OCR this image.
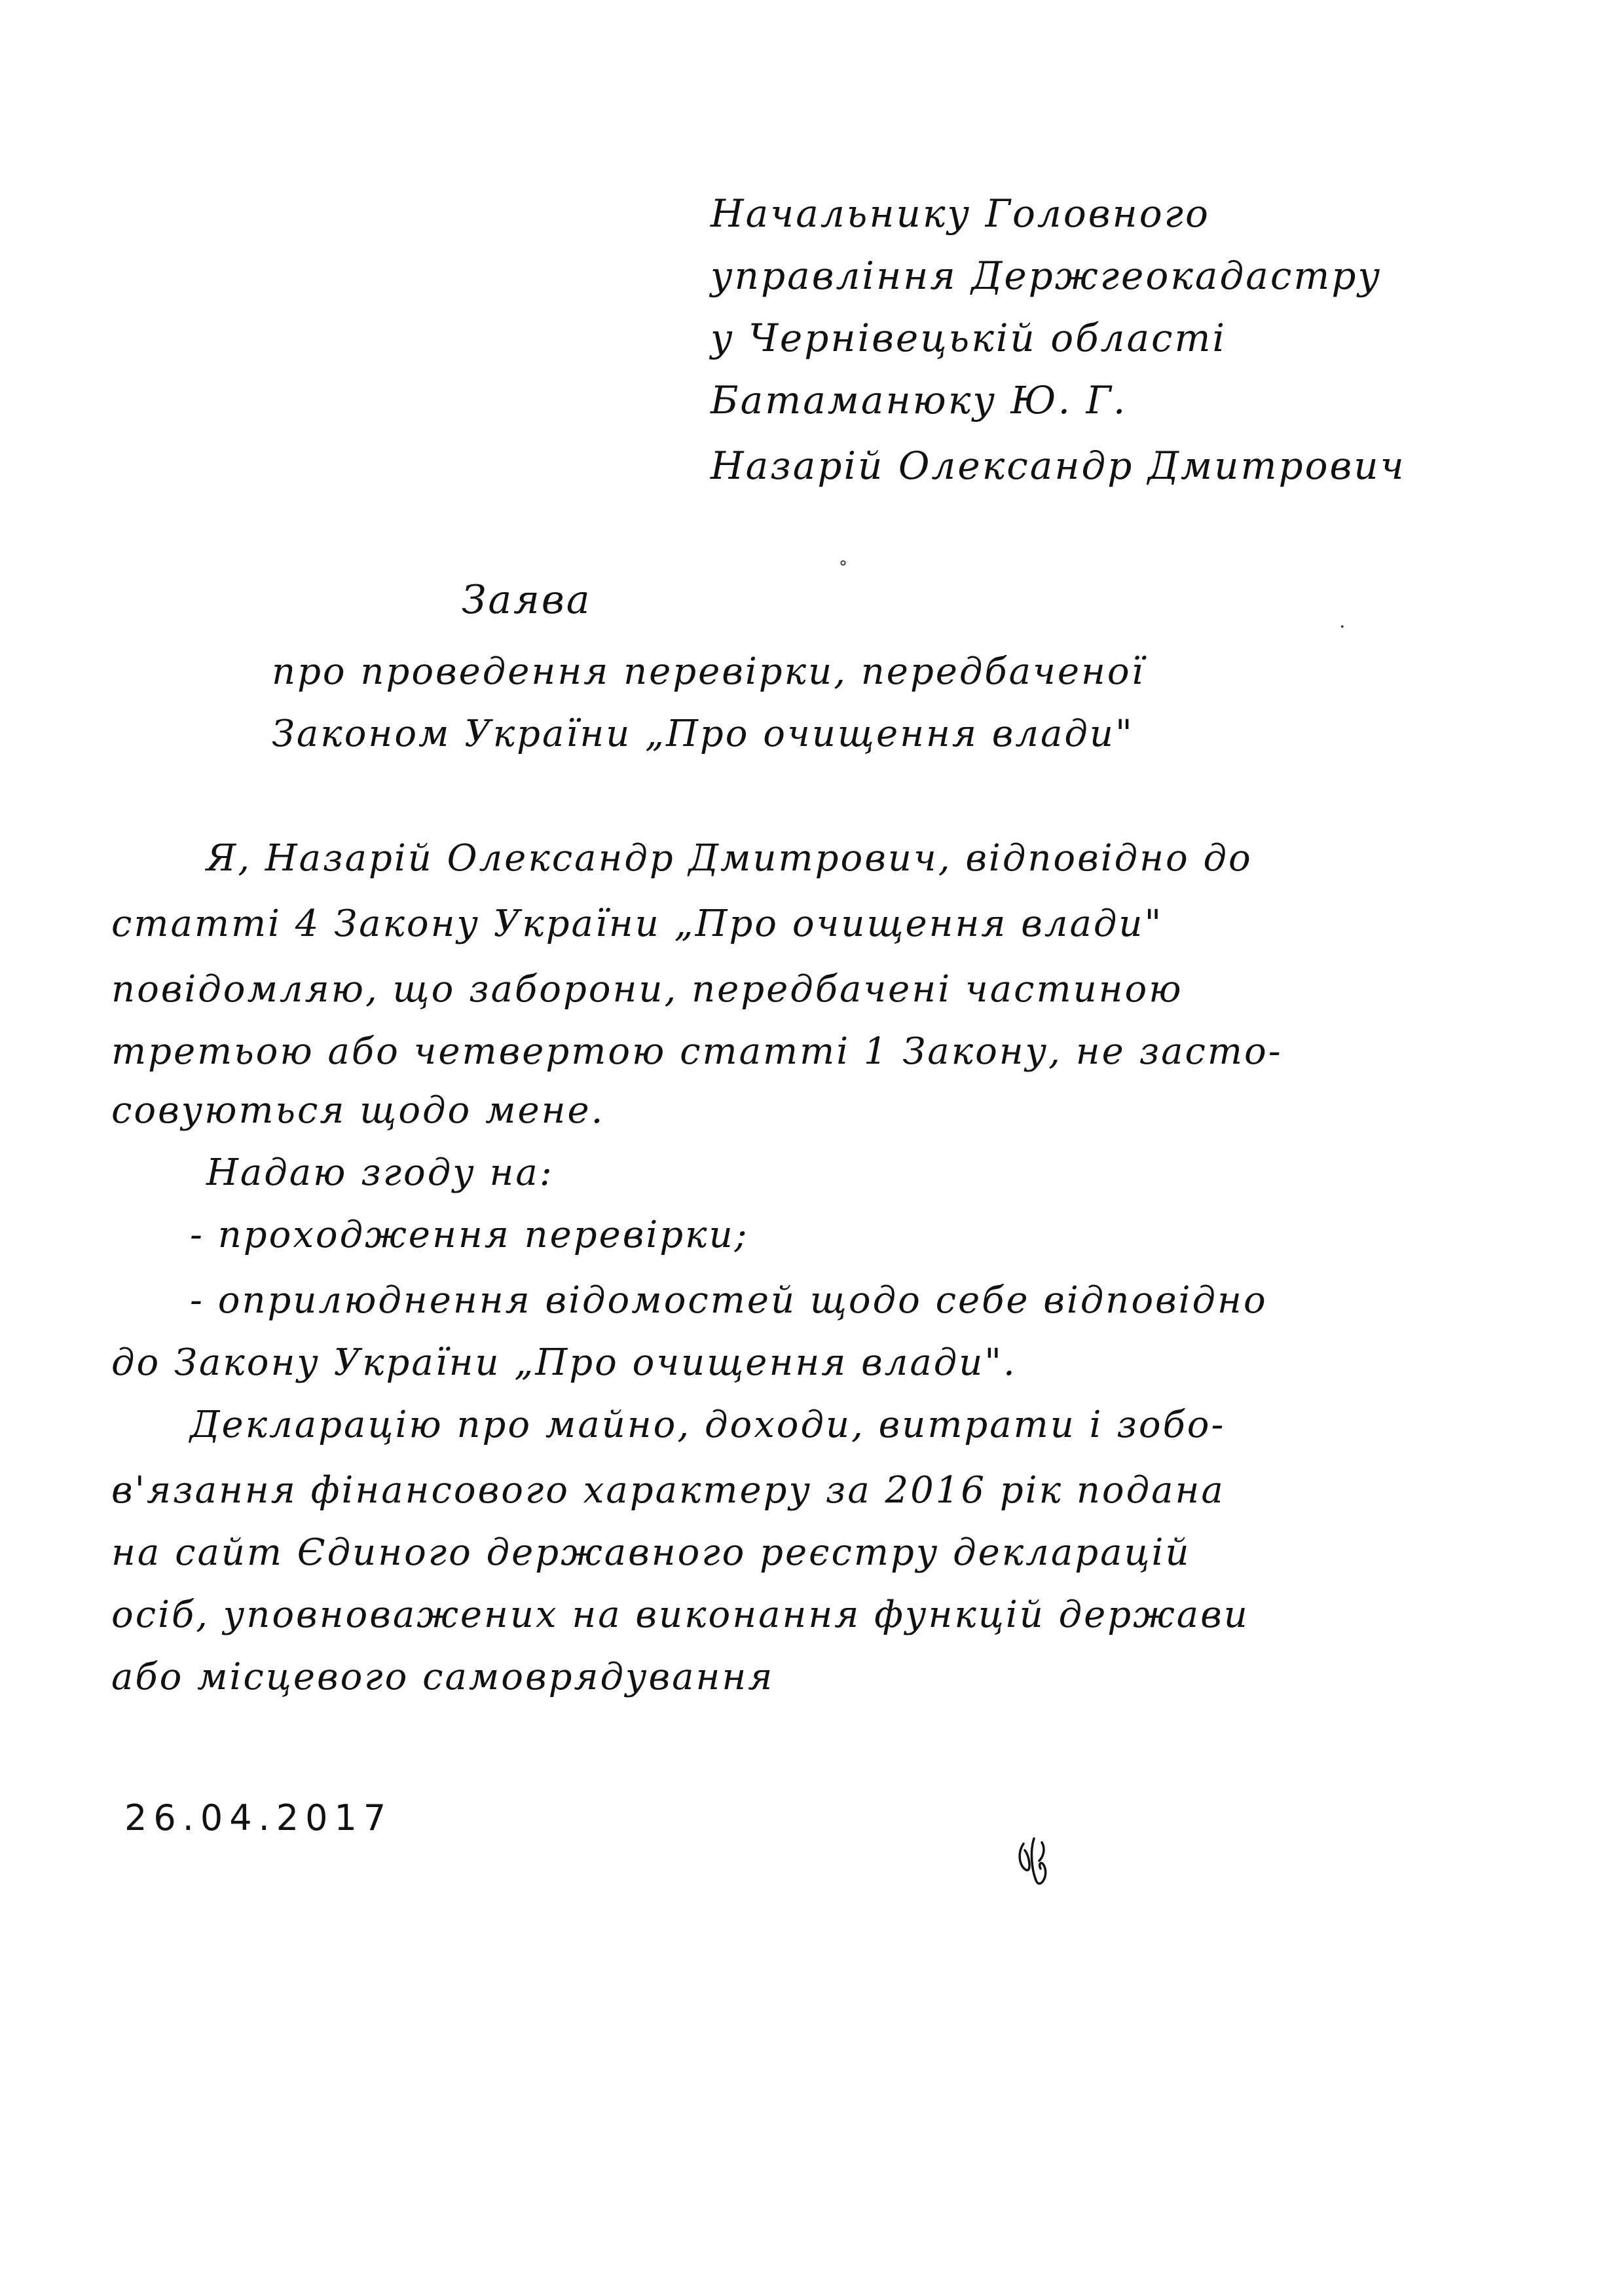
Начальнику Головного
управління Держгеокадастру
у Чернівецькій області
Батаманюку Ю. Г.
Назарій Олександр Дмитрович
˚
·
Заява
про проведення перевірки, передбаченої
Законом України „Про очищення влади"
Я, Назарій Олександр Дмитрович, відповідно до
статті 4 Закону України „Про очищення влади"
повідомляю, що заборони, передбачені частиною
третьою або четвертою статті 1 Закону, не засто-
совуються щодо мене.
Надаю згоду на:
- проходження перевірки;
- оприлюднення відомостей щодо себе відповідно
до Закону України „Про очищення влади".
Декларацію про майно, доходи, витрати і зобо-
в'язання фінансового характеру за 2016 рік подана
на сайт Єдиного державного реєстру декларацій
осіб, уповноважених на виконання функцій держави
або місцевого самоврядування
26.04.2017
